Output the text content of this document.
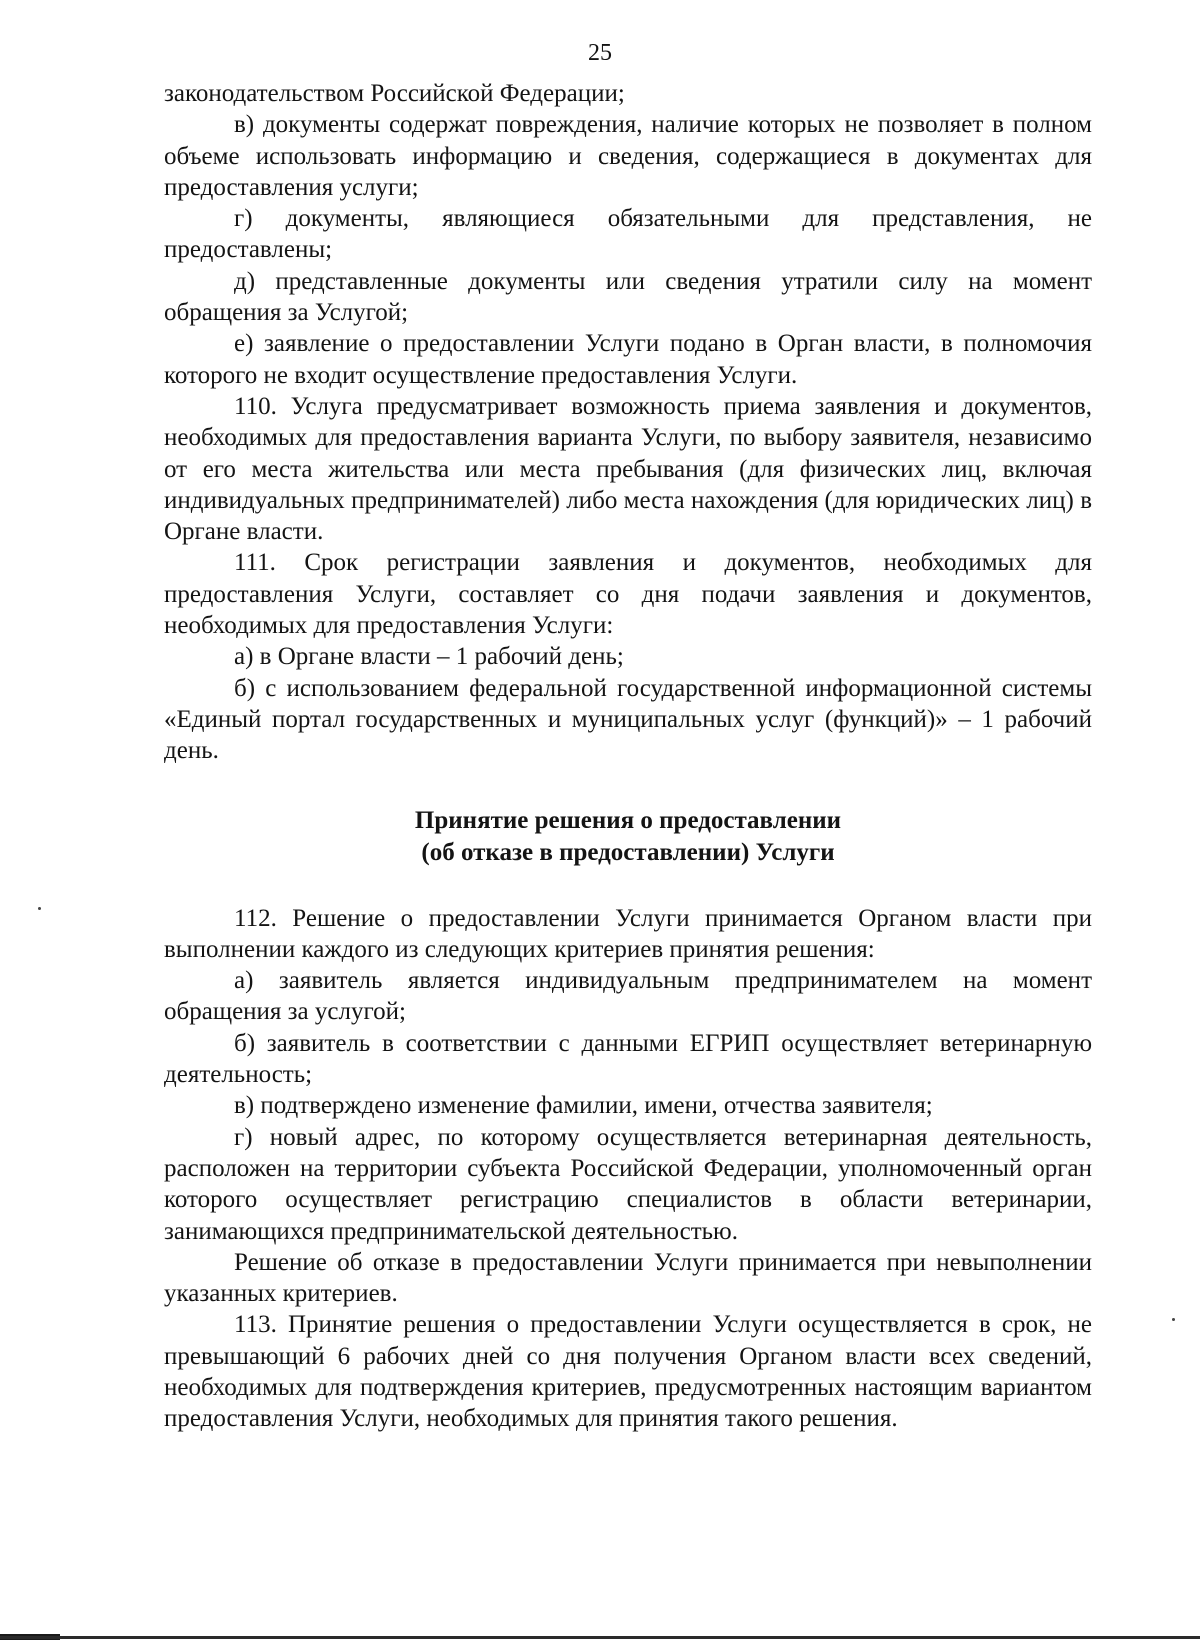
25

законодательством Российской Федерации;

в) документы содержат повреждения, наличие которых не позволяет в полном объеме использовать информацию и сведения, содержащиеся в документах для предоставления услуги;

г) документы, являющиеся обязательными для представления, не предоставлены;

д) представленные документы или сведения утратили силу на момент обращения за Услугой;

е) заявление о предоставлении Услуги подано в Орган власти, в полномочия которого не входит осуществление предоставления Услуги.

110. Услуга предусматривает возможность приема заявления и документов, необходимых для предоставления варианта Услуги, по выбору заявителя, независимо от его места жительства или места пребывания (для физических лиц, включая индивидуальных предпринимателей) либо места нахождения (для юридических лиц) в Органе власти.

111. Срок регистрации заявления и документов, необходимых для предоставления Услуги, составляет со дня подачи заявления и документов, необходимых для предоставления Услуги:

а) в Органе власти – 1 рабочий день;

б) с использованием федеральной государственной информационной системы «Единый портал государственных и муниципальных услуг (функций)» – 1 рабочий день.

Принятие решения о предоставлении
(об отказе в предоставлении) Услуги

112. Решение о предоставлении Услуги принимается Органом власти при выполнении каждого из следующих критериев принятия решения:

а) заявитель является индивидуальным предпринимателем на момент обращения за услугой;

б) заявитель в соответствии с данными ЕГРИП осуществляет ветеринарную деятельность;

в) подтверждено изменение фамилии, имени, отчества заявителя;

г) новый адрес, по которому осуществляется ветеринарная деятельность, расположен на территории субъекта Российской Федерации, уполномоченный орган которого осуществляет регистрацию специалистов в области ветеринарии, занимающихся предпринимательской деятельностью.

Решение об отказе в предоставлении Услуги принимается при невыполнении указанных критериев.

113. Принятие решения о предоставлении Услуги осуществляется в срок, не превышающий 6 рабочих дней со дня получения Органом власти всех сведений, необходимых для подтверждения критериев, предусмотренных настоящим вариантом предоставления Услуги, необходимых для принятия такого решения.
